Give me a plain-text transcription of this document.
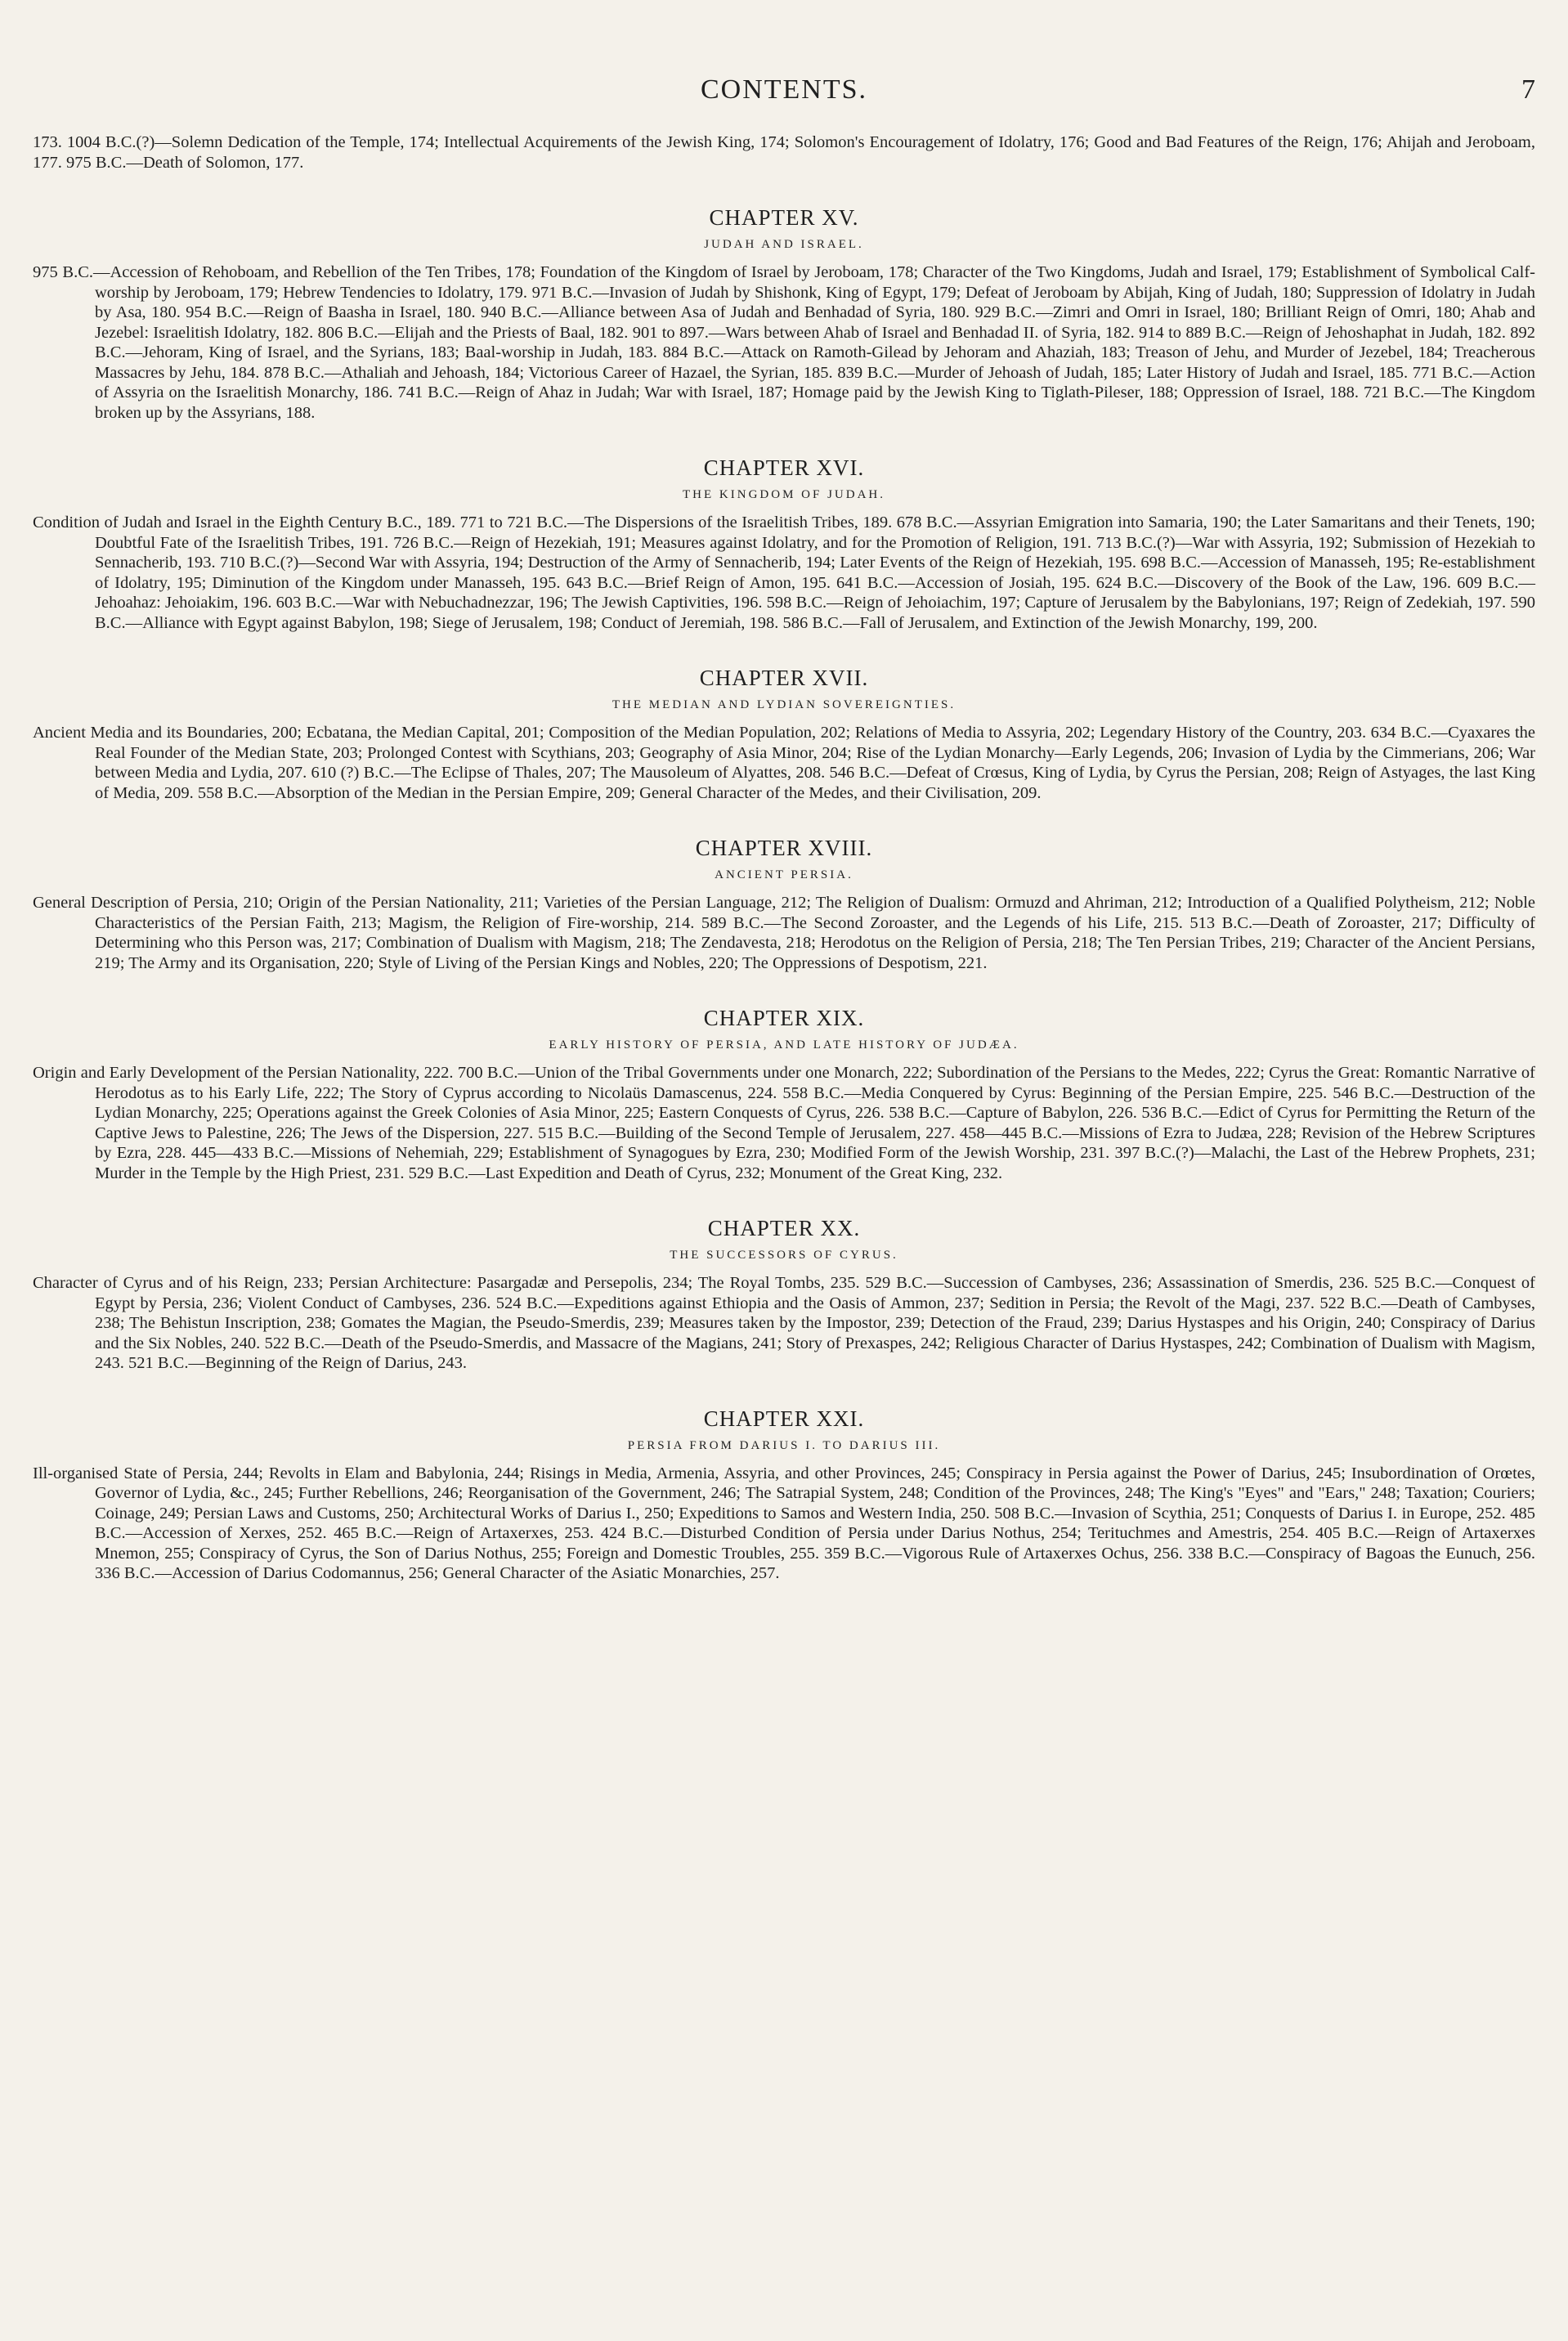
CONTENTS.	7

173. 1004 B.C.(?)—Solemn Dedication of the Temple, 174; Intellectual Acquirements of the Jewish King, 174; Solomon's Encouragement of Idolatry, 176; Good and Bad Features of the Reign, 176; Ahijah and Jeroboam, 177. 975 B.C.—Death of Solomon, 177.

CHAPTER XV.
JUDAH AND ISRAEL.

975 B.C.—Accession of Rehoboam, and Rebellion of the Ten Tribes, 178; Foundation of the Kingdom of Israel by Jeroboam, 178; Character of the Two Kingdoms, Judah and Israel, 179; Establishment of Symbolical Calf-worship by Jeroboam, 179; Hebrew Tendencies to Idolatry, 179. 971 B.C.—Invasion of Judah by Shishonk, King of Egypt, 179; Defeat of Jeroboam by Abijah, King of Judah, 180; Suppression of Idolatry in Judah by Asa, 180. 954 B.C.—Reign of Baasha in Israel, 180. 940 B.C.—Alliance between Asa of Judah and Benhadad of Syria, 180. 929 B.C.—Zimri and Omri in Israel, 180; Brilliant Reign of Omri, 180; Ahab and Jezebel: Israelitish Idolatry, 182. 806 B.C.—Elijah and the Priests of Baal, 182. 901 to 897.—Wars between Ahab of Israel and Benhadad II. of Syria, 182. 914 to 889 B.C.—Reign of Jehoshaphat in Judah, 182. 892 B.C.—Jehoram, King of Israel, and the Syrians, 183; Baal-worship in Judah, 183. 884 B.C.—Attack on Ramoth-Gilead by Jehoram and Ahaziah, 183; Treason of Jehu, and Murder of Jezebel, 184; Treacherous Massacres by Jehu, 184. 878 B.C.—Athaliah and Jehoash, 184; Victorious Career of Hazael, the Syrian, 185. 839 B.C.—Murder of Jehoash of Judah, 185; Later History of Judah and Israel, 185. 771 B.C.—Action of Assyria on the Israelitish Monarchy, 186. 741 B.C.—Reign of Ahaz in Judah; War with Israel, 187; Homage paid by the Jewish King to Tiglath-Pileser, 188; Oppression of Israel, 188. 721 B.C.—The Kingdom broken up by the Assyrians, 188.

CHAPTER XVI.
THE KINGDOM OF JUDAH.

Condition of Judah and Israel in the Eighth Century B.C., 189. 771 to 721 B.C.—The Dispersions of the Israelitish Tribes, 189. 678 B.C.—Assyrian Emigration into Samaria, 190; the Later Samaritans and their Tenets, 190; Doubtful Fate of the Israelitish Tribes, 191. 726 B.C.—Reign of Hezekiah, 191; Measures against Idolatry, and for the Promotion of Religion, 191. 713 B.C.(?)—War with Assyria, 192; Submission of Hezekiah to Sennacherib, 193. 710 B.C.(?)—Second War with Assyria, 194; Destruction of the Army of Sennacherib, 194; Later Events of the Reign of Hezekiah, 195. 698 B.C.—Accession of Manasseh, 195; Re-establishment of Idolatry, 195; Diminution of the Kingdom under Manasseh, 195. 643 B.C.—Brief Reign of Amon, 195. 641 B.C.—Accession of Josiah, 195. 624 B.C.—Discovery of the Book of the Law, 196. 609 B.C.—Jehoahaz: Jehoiakim, 196. 603 B.C.—War with Nebuchadnezzar, 196; The Jewish Captivities, 196. 598 B.C.—Reign of Jehoiachim, 197; Capture of Jerusalem by the Babylonians, 197; Reign of Zedekiah, 197. 590 B.C.—Alliance with Egypt against Babylon, 198; Siege of Jerusalem, 198; Conduct of Jeremiah, 198. 586 B.C.—Fall of Jerusalem, and Extinction of the Jewish Monarchy, 199, 200.

CHAPTER XVII.
THE MEDIAN AND LYDIAN SOVEREIGNTIES.

Ancient Media and its Boundaries, 200; Ecbatana, the Median Capital, 201; Composition of the Median Population, 202; Relations of Media to Assyria, 202; Legendary History of the Country, 203. 634 B.C.—Cyaxares the Real Founder of the Median State, 203; Prolonged Contest with Scythians, 203; Geography of Asia Minor, 204; Rise of the Lydian Monarchy—Early Legends, 206; Invasion of Lydia by the Cimmerians, 206; War between Media and Lydia, 207. 610 (?) B.C.—The Eclipse of Thales, 207; The Mausoleum of Alyattes, 208. 546 B.C.—Defeat of Crœsus, King of Lydia, by Cyrus the Persian, 208; Reign of Astyages, the last King of Media, 209. 558 B.C.—Absorption of the Median in the Persian Empire, 209; General Character of the Medes, and their Civilisation, 209.

CHAPTER XVIII.
ANCIENT PERSIA.

General Description of Persia, 210; Origin of the Persian Nationality, 211; Varieties of the Persian Language, 212; The Religion of Dualism: Ormuzd and Ahriman, 212; Introduction of a Qualified Polytheism, 212; Noble Characteristics of the Persian Faith, 213; Magism, the Religion of Fire-worship, 214. 589 B.C.—The Second Zoroaster, and the Legends of his Life, 215. 513 B.C.—Death of Zoroaster, 217; Difficulty of Determining who this Person was, 217; Combination of Dualism with Magism, 218; The Zendavesta, 218; Herodotus on the Religion of Persia, 218; The Ten Persian Tribes, 219; Character of the Ancient Persians, 219; The Army and its Organisation, 220; Style of Living of the Persian Kings and Nobles, 220; The Oppressions of Despotism, 221.

CHAPTER XIX.
EARLY HISTORY OF PERSIA, AND LATE HISTORY OF JUDÆA.

Origin and Early Development of the Persian Nationality, 222. 700 B.C.—Union of the Tribal Governments under one Monarch, 222; Subordination of the Persians to the Medes, 222; Cyrus the Great: Romantic Narrative of Herodotus as to his Early Life, 222; The Story of Cyprus according to Nicolaüs Damascenus, 224. 558 B.C.—Media Conquered by Cyrus: Beginning of the Persian Empire, 225. 546 B.C.—Destruction of the Lydian Monarchy, 225; Operations against the Greek Colonies of Asia Minor, 225; Eastern Conquests of Cyrus, 226. 538 B.C.—Capture of Babylon, 226. 536 B.C.—Edict of Cyrus for Permitting the Return of the Captive Jews to Palestine, 226; The Jews of the Dispersion, 227. 515 B.C.—Building of the Second Temple of Jerusalem, 227. 458—445 B.C.—Missions of Ezra to Judæa, 228; Revision of the Hebrew Scriptures by Ezra, 228. 445—433 B.C.—Missions of Nehemiah, 229; Establishment of Synagogues by Ezra, 230; Modified Form of the Jewish Worship, 231. 397 B.C.(?)—Malachi, the Last of the Hebrew Prophets, 231; Murder in the Temple by the High Priest, 231. 529 B.C.—Last Expedition and Death of Cyrus, 232; Monument of the Great King, 232.

CHAPTER XX.
THE SUCCESSORS OF CYRUS.

Character of Cyrus and of his Reign, 233; Persian Architecture: Pasargadæ and Persepolis, 234; The Royal Tombs, 235. 529 B.C.—Succession of Cambyses, 236; Assassination of Smerdis, 236. 525 B.C.—Conquest of Egypt by Persia, 236; Violent Conduct of Cambyses, 236. 524 B.C.—Expeditions against Ethiopia and the Oasis of Ammon, 237; Sedition in Persia; the Revolt of the Magi, 237. 522 B.C.—Death of Cambyses, 238; The Behistun Inscription, 238; Gomates the Magian, the Pseudo-Smerdis, 239; Measures taken by the Impostor, 239; Detection of the Fraud, 239; Darius Hystaspes and his Origin, 240; Conspiracy of Darius and the Six Nobles, 240. 522 B.C.—Death of the Pseudo-Smerdis, and Massacre of the Magians, 241; Story of Prexaspes, 242; Religious Character of Darius Hystaspes, 242; Combination of Dualism with Magism, 243. 521 B.C.—Beginning of the Reign of Darius, 243.

CHAPTER XXI.
PERSIA FROM DARIUS I. TO DARIUS III.

Ill-organised State of Persia, 244; Revolts in Elam and Babylonia, 244; Risings in Media, Armenia, Assyria, and other Provinces, 245; Conspiracy in Persia against the Power of Darius, 245; Insubordination of Orœtes, Governor of Lydia, &c., 245; Further Rebellions, 246; Reorganisation of the Government, 246; The Satrapial System, 248; Condition of the Provinces, 248; The King's "Eyes" and "Ears," 248; Taxation; Couriers; Coinage, 249; Persian Laws and Customs, 250; Architectural Works of Darius I., 250; Expeditions to Samos and Western India, 250. 508 B.C.—Invasion of Scythia, 251; Conquests of Darius I. in Europe, 252. 485 B.C.—Accession of Xerxes, 252. 465 B.C.—Reign of Artaxerxes, 253. 424 B.C.—Disturbed Condition of Persia under Darius Nothus, 254; Terituchmes and Amestris, 254. 405 B.C.—Reign of Artaxerxes Mnemon, 255; Conspiracy of Cyrus, the Son of Darius Nothus, 255; Foreign and Domestic Troubles, 255. 359 B.C.—Vigorous Rule of Artaxerxes Ochus, 256. 338 B.C.—Conspiracy of Bagoas the Eunuch, 256. 336 B.C.—Accession of Darius Codomannus, 256; General Character of the Asiatic Monarchies, 257.
